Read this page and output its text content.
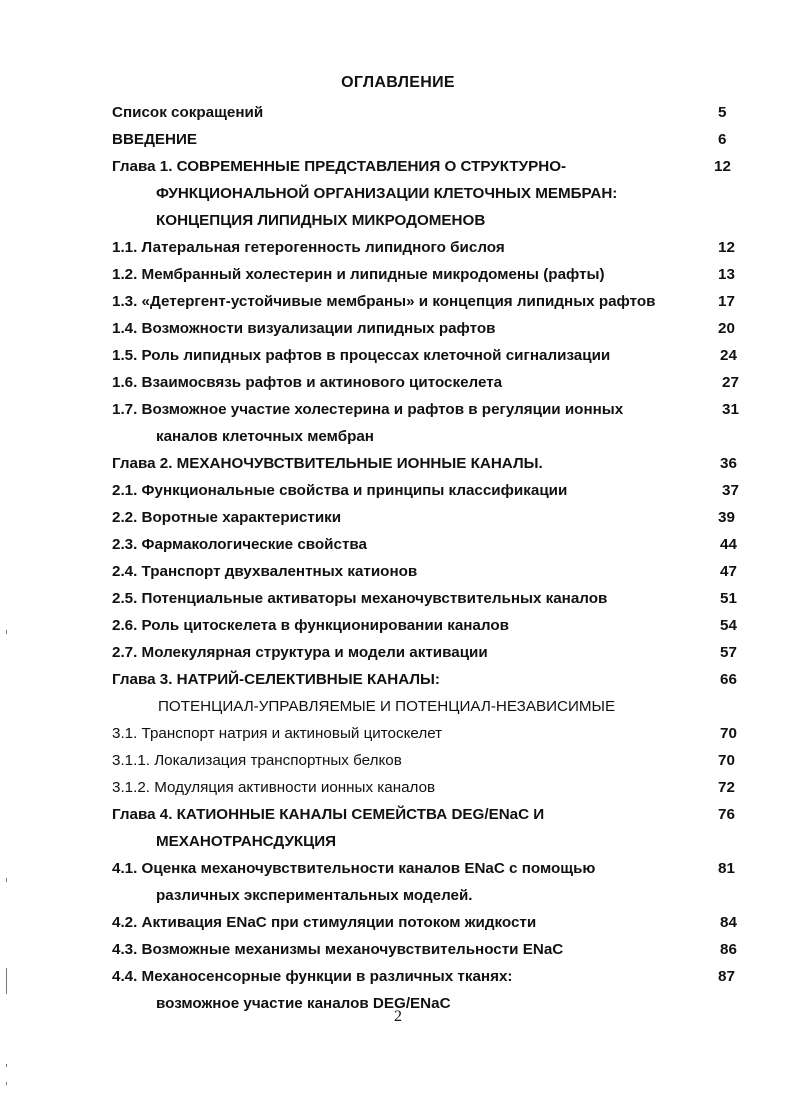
ОГЛАВЛЕНИЕ
Список сокращений	5
ВВЕДЕНИЕ	6
Глава 1. СОВРЕМЕННЫЕ ПРЕДСТАВЛЕНИЯ О СТРУКТУРНО-	12
ФУНКЦИОНАЛЬНОЙ ОРГАНИЗАЦИИ КЛЕТОЧНЫХ МЕМБРАН:
КОНЦЕПЦИЯ ЛИПИДНЫХ МИКРОДОМЕНОВ
1.1. Латеральная гетерогенность липидного бислоя	12
1.2. Мембранный холестерин и липидные микродомены (рафты)	13
1.3. «Детергент-устойчивые мембраны» и концепция липидных рафтов	17
1.4. Возможности визуализации липидных рафтов	20
1.5. Роль липидных рафтов в процессах клеточной сигнализации	24
1.6. Взаимосвязь рафтов и актинового цитоскелета	27
1.7. Возможное участие холестерина и рафтов в регуляции ионных	31
каналов клеточных мембран
Глава 2. МЕХАНОЧУВСТВИТЕЛЬНЫЕ ИОННЫЕ КАНАЛЫ.	36
2.1. Функциональные свойства и принципы классификации	37
2.2. Воротные характеристики	39
2.3. Фармакологические свойства	44
2.4. Транспорт двухвалентных катионов	47
2.5. Потенциальные активаторы механочувствительных каналов	51
2.6. Роль цитоскелета в функционировании каналов	54
2.7. Молекулярная структура и модели активации	57
Глава 3. НАТРИЙ-СЕЛЕКТИВНЫЕ КАНАЛЫ:	66
ПОТЕНЦИАЛ-УПРАВЛЯЕМЫЕ И ПОТЕНЦИАЛ-НЕЗАВИСИМЫЕ
3.1. Транспорт натрия и актиновый цитоскелет	70
3.1.1. Локализация транспортных белков	70
3.1.2. Модуляция активности ионных каналов	72
Глава 4. КАТИОННЫЕ КАНАЛЫ СЕМЕЙСТВА DEG/ENaC И	76
МЕХАНОТРАНСДУКЦИЯ
4.1. Оценка механочувствительности каналов ENaC с помощью	81
различных экспериментальных моделей.
4.2. Активация ENaC при стимуляции потоком жидкости	84
4.3. Возможные механизмы механочувствительности ENaC	86
4.4. Механосенсорные функции в различных тканях:	87
возможное участие каналов DEG/ENaC
2
